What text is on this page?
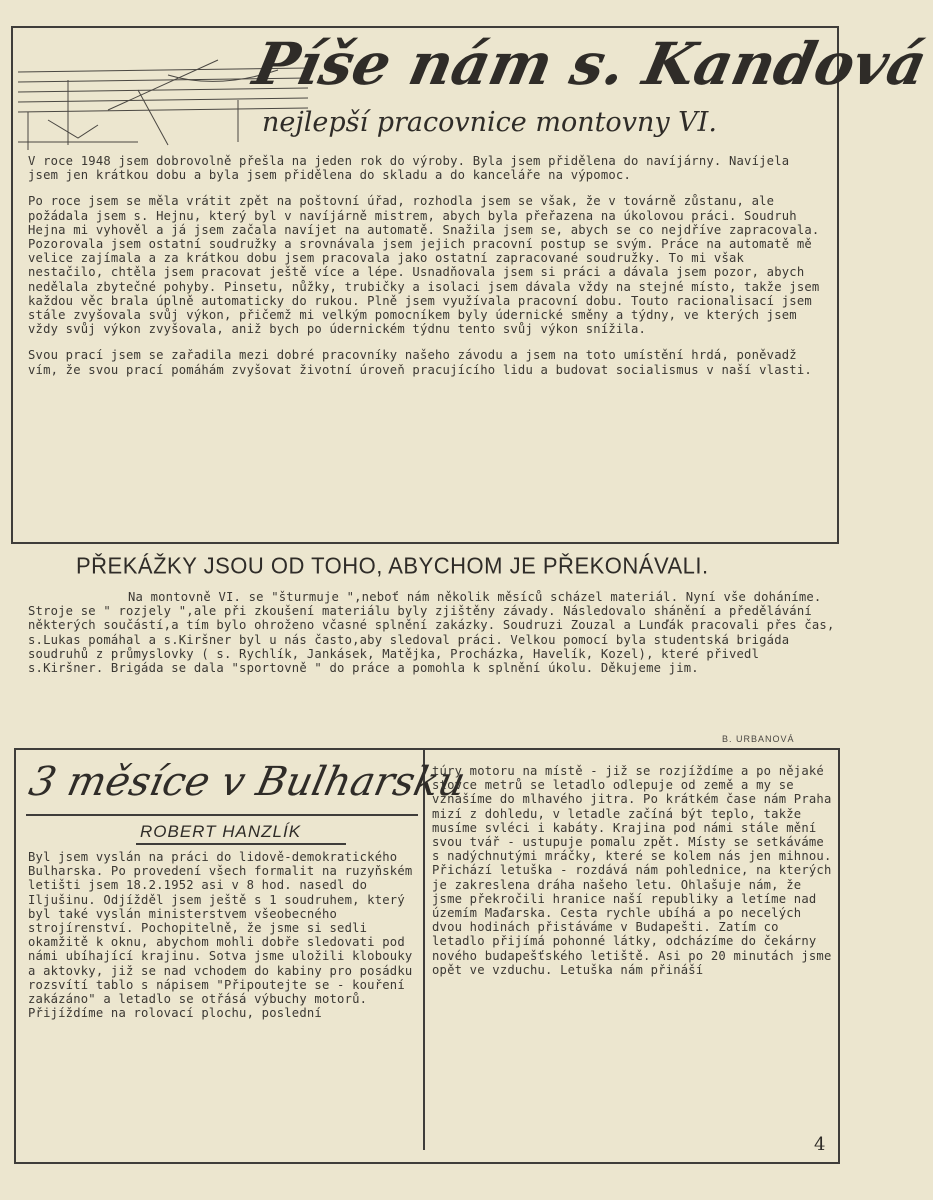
Píše nám s. Kandová
nejlepší pracovnice montovny VI.

V roce 1948 jsem dobrovolně přešla na jeden rok do výroby. Byla jsem přidělena do navíjárny. Navíjela jsem jen krátkou dobu a byla jsem přidělena do skladu a do kanceláře na výpomoc.

Po roce jsem se měla vrátit zpět na poštovní úřad, rozhodla jsem se však, že v továrně zůstanu, ale požádala jsem s. Hejnu, který byl v navíjárně mistrem, abych byla přeřazena na úkolovou práci. Soudruh Hejna mi vyhověl a já jsem začala navíjet na automatě. Snažila jsem se, abych se co nejdříve zapracovala. Pozorovala jsem ostatní soudružky a srovnávala jsem jejich pracovní postup se svým. Práce na automatě mě velice zajímala a za krátkou dobu jsem pracovala jako ostatní zapracované soudružky. To mi však nestačilo, chtěla jsem pracovat ještě více a lépe. Usnadňovala jsem si práci a dávala jsem pozor, abych nedělala zbytečné pohyby. Pinsetu, nůžky, trubičky a isolaci jsem dávala vždy na stejné místo, takže jsem každou věc brala úplně automaticky do rukou. Plně jsem využívala pracovní dobu. Touto racionalisací jsem stále zvyšovala svůj výkon, přičemž mi velkým pomocníkem byly údernické směny a týdny, ve kterých jsem vždy svůj výkon zvyšovala, aniž bych po údernickém týdnu tento svůj výkon snížila.

Svou prací jsem se zařadila mezi dobré pracovníky našeho závodu a jsem na toto umístění hrdá, poněvadž vím, že svou prací pomáhám zvyšovat životní úroveň pracujícího lidu a budovat socialismus v naší vlasti.

PŘEKÁŽKY JSOU OD TOHO, ABYCHOM JE PŘEKONÁVALI.
Na montovně VI. se "šturmuje ",neboť nám několik měsíců scházel materiál. Nyní vše doháníme. Stroje se " rozjely ",ale při zkoušení materiálu byly zjištěny závady. Následovalo shánění a předělávání některých součástí,a tím bylo ohroženo včasné splnění zakázky. Soudruzi Zouzal a Lunďák pracovali přes čas, s.Lukas pomáhal a s.Kiršner byl u nás často,aby sledoval práci. Velkou pomocí byla studentská brigáda soudruhů z průmyslovky ( s. Rychlík, Jankásek, Matějka, Procházka, Havelík, Kozel), které přivedl s.Kiršner. Brigáda se dala "sportovně " do práce a pomohla k splnění úkolu. Děkujeme jim.
B. URBANOVÁ
3 měsíce v Bulharsku
ROBERT HANZLÍK
Byl jsem vyslán na práci do lidově-demokratického Bulharska. Po provedení všech formalit na ruzyňském letišti jsem 18.2.1952 asi v 8 hod. nasedl do Iljušinu. Odjížděl jsem ještě s 1 soudruhem, který byl také vyslán ministerstvem všeobecného strojírenství. Pochopitelně, že jsme si sedli okamžitě k oknu, abychom mohli dobře sledovati pod námi ubíhající krajinu. Sotva jsme uložili klobouky a aktovky, již se nad vchodem do kabiny pro posádku rozsvítí tablo s nápisem "Připoutejte se - kouření zakázáno" a letadlo se otřásá výbuchy motorů. Přijíždíme na rolovací plochu, poslední
túry motoru na místě - již se rozjíždíme a po nějaké stovce metrů se letadlo odlepuje od země a my se vznášíme do mlhavého jitra. Po krátkém čase nám Praha mizí z dohledu, v letadle začíná být teplo, takže musíme svléci i kabáty. Krajina pod námi stále mění svou tvář - ustupuje pomalu zpět. Místy se setkáváme s nadýchnutými mráčky, které se kolem nás jen mihnou. Přichází letuška - rozdává nám pohlednice, na kterých je zakreslena dráha našeho letu. Ohlašuje nám, že jsme překročili hranice naší republiky a letíme nad územím Maďarska. Cesta rychle ubíhá a po necelých dvou hodinách přistáváme v Budapešti. Zatím co letadlo přijímá pohonné látky, odcházíme do čekárny nového budapešťského letiště. Asi po 20 minutách jsme opět ve vzduchu. Letuška nám přináší
4
